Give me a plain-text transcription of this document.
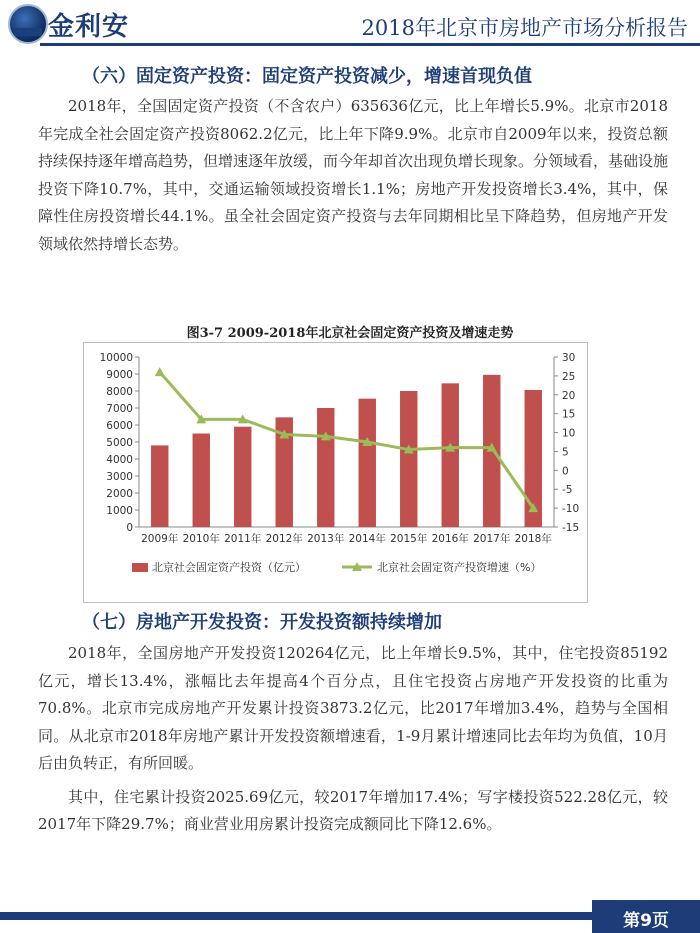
金利安	2018年北京市房地产市场分析报告
（六）固定资产投资：固定资产投资减少，增速首现负值

2018年，全国固定资产投资（不含农户）635636亿元，比上年增长5.9%。北京市2018年完成全社会固定资产投资8062.2亿元，比上年下降9.9%。北京市自2009年以来，投资总额持续保持逐年增高趋势，但增速逐年放缓，而今年却首次出现负增长现象。分领域看，基础设施投资下降10.7%，其中，交通运输领域投资增长1.1%；房地产开发投资增长3.4%，其中，保障性住房投资增长44.1%。虽全社会固定资产投资与去年同期相比呈下降趋势，但房地产开发领域依然持增长态势。

图3-7 2009-2018年北京社会固定资产投资及增速走势
0
1000
2000
3000
4000
5000
6000
7000
8000
9000
10000
-15
-10
-5
0
5
10
15
20
25
30
2009年 2010年 2011年 2012年 2013年 2014年 2015年 2016年 2017年 2018年
北京社会固定资产投资（亿元）	北京社会固定资产投资增速（%）
（七）房地产开发投资：开发投资额持续增加

2018年，全国房地产开发投资120264亿元，比上年增长9.5%，其中，住宅投资85192亿元，增长13.4%，涨幅比去年提高4个百分点，且住宅投资占房地产开发投资的比重为70.8%。北京市完成房地产开发累计投资3873.2亿元，比2017年增加3.4%，趋势与全国相同。从北京市2018年房地产累计开发投资额增速看，1-9月累计增速同比去年均为负值，10月后由负转正，有所回暖。

其中，住宅累计投资2025.69亿元，较2017年增加17.4%；写字楼投资522.28亿元，较2017年下降29.7%；商业营业用房累计投资完成额同比下降12.6%。

第9页
